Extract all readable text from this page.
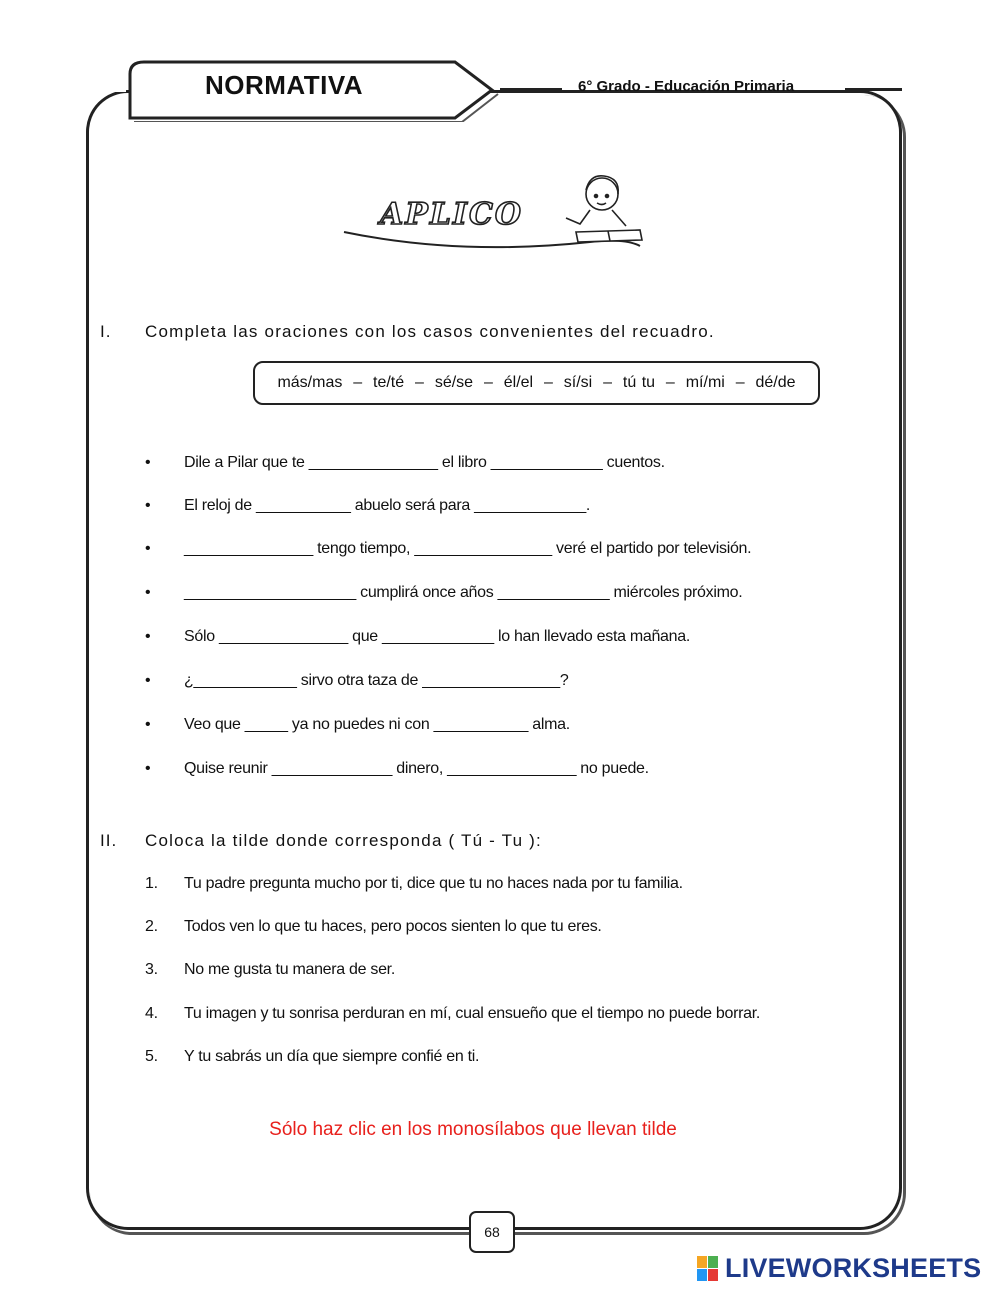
NORMATIVA	6° Grado - Educación Primaria
APLICO
I. Completa las oraciones con los casos convenientes del recuadro.
más/mas  –  te/té  –  sé/se  –  él/el  –  sí/si  –  tú tu  –  mí/mi  –  dé/de
• Dile a Pilar que te _______________ el libro _____________ cuentos.
• El reloj de ___________ abuelo será para _____________.
• _______________ tengo tiempo, ________________ veré el partido por televisión.
• ____________________ cumplirá once años _____________ miércoles próximo.
• Sólo _______________ que _____________ lo han llevado esta mañana.
• ¿____________ sirvo otra taza de ________________?
• Veo que _____ ya no puedes ni con ___________ alma.
• Quise reunir ______________ dinero, _______________ no puede.
II. Coloca la tilde donde corresponda ( Tú - Tu ):
1. Tu padre pregunta mucho por ti, dice que tu no haces nada por tu familia.
2. Todos ven lo que tu haces, pero pocos sienten lo que tu eres.
3. No me gusta tu manera de ser.
4. Tu imagen y tu sonrisa perduran en mí, cual ensueño que el tiempo no puede borrar.
5. Y tu sabrás un día que siempre confié en ti.
Sólo haz clic en los monosílabos que llevan tilde
68
LIVEWORKSHEETS
